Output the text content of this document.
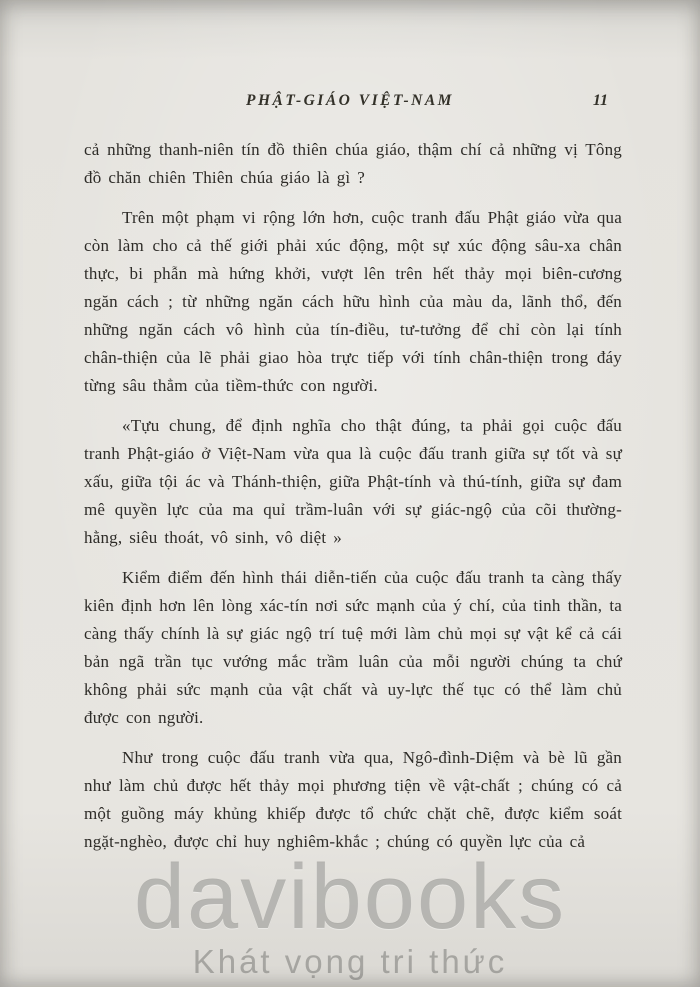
PHẬT-GIÁO VIỆT-NAM	11

cả những thanh-niên tín đồ thiên chúa giáo, thậm chí cả những vị Tông đồ chăn chiên Thiên chúa giáo là gì ?

Trên một phạm vi rộng lớn hơn, cuộc tranh đấu Phật giáo vừa qua còn làm cho cả thế giới phải xúc động, một sự xúc động sâu-xa chân thực, bi phẫn mà hứng khởi, vượt lên trên hết thảy mọi biên-cương ngăn cách ; từ những ngăn cách hữu hình của màu da, lãnh thổ, đến những ngăn cách vô hình của tín-điều, tư-tưởng để chỉ còn lại tính chân-thiện của lẽ phải giao hòa trực tiếp với tính chân-thiện trong đáy từng sâu thẳm của tiềm-thức con người.

«Tựu chung, để định nghĩa cho thật đúng, ta phải gọi cuộc đấu tranh Phật-giáo ở Việt-Nam vừa qua là cuộc đấu tranh giữa sự tốt và sự xấu, giữa tội ác và Thánh-thiện, giữa Phật-tính và thú-tính, giữa sự đam mê quyền lực của ma quỉ trầm-luân với sự giác-ngộ của cõi thường-hằng, siêu thoát, vô sinh, vô diệt »

Kiểm điểm đến hình thái diễn-tiến của cuộc đấu tranh ta càng thấy kiên định hơn lên lòng xác-tín nơi sức mạnh của ý chí, của tinh thần, ta càng thấy chính là sự giác ngộ trí tuệ mới làm chủ mọi sự vật kể cả cái bản ngã trần tục vướng mắc trầm luân của mỗi người chúng ta chứ không phải sức mạnh của vật chất và uy-lực thế tục có thể làm chủ được con người.

Như trong cuộc đấu tranh vừa qua, Ngô-đình-Diệm và bè lũ gần như làm chủ được hết thảy mọi phương tiện về vật-chất ; chúng có cả một guồng máy khủng khiếp được tổ chức chặt chẽ, được kiểm soát ngặt-nghèo, được chỉ huy nghiêm-khắc ; chúng có quyền lực của cả

davibooks
Khát vọng tri thức
